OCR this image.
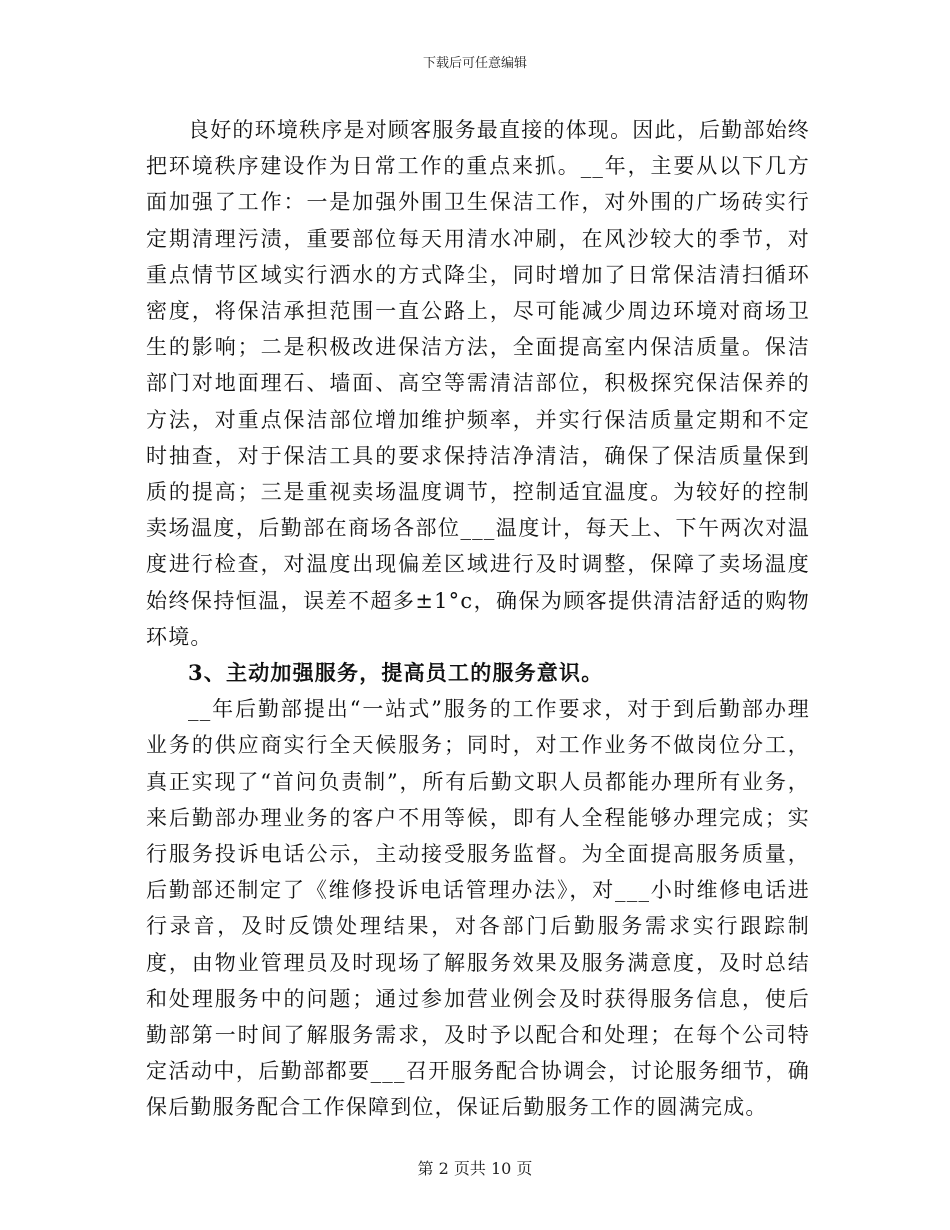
下载后可任意编辑

良好的环境秩序是对顾客服务最直接的体现。因此，后勤部始终把环境秩序建设作为日常工作的重点来抓。__年，主要从以下几方面加强了工作：一是加强外围卫生保洁工作，对外围的广场砖实行定期清理污渍，重要部位每天用清水冲刷，在风沙较大的季节，对重点情节区域实行洒水的方式降尘，同时增加了日常保洁清扫循环密度，将保洁承担范围一直公路上，尽可能减少周边环境对商场卫生的影响；二是积极改进保洁方法，全面提高室内保洁质量。保洁部门对地面理石、墙面、高空等需清洁部位，积极探究保洁保养的方法，对重点保洁部位增加维护频率，并实行保洁质量定期和不定时抽查，对于保洁工具的要求保持洁净清洁，确保了保洁质量保到质的提高；三是重视卖场温度调节，控制适宜温度。为较好的控制卖场温度，后勤部在商场各部位___温度计，每天上、下午两次对温度进行检查，对温度出现偏差区域进行及时调整，保障了卖场温度始终保持恒温，误差不超多±1°c，确保为顾客提供清洁舒适的购物环境。

3、主动加强服务，提高员工的服务意识。

__年后勤部提出“一站式”服务的工作要求，对于到后勤部办理业务的供应商实行全天候服务；同时，对工作业务不做岗位分工，真正实现了“首问负责制”，所有后勤文职人员都能办理所有业务，来后勤部办理业务的客户不用等候，即有人全程能够办理完成；实行服务投诉电话公示，主动接受服务监督。为全面提高服务质量，后勤部还制定了《维修投诉电话管理办法》，对___小时维修电话进行录音，及时反馈处理结果，对各部门后勤服务需求实行跟踪制度，由物业管理员及时现场了解服务效果及服务满意度，及时总结和处理服务中的问题；通过参加营业例会及时获得服务信息，使后勤部第一时间了解服务需求，及时予以配合和处理；在每个公司特定活动中，后勤部都要___召开服务配合协调会，讨论服务细节，确保后勤服务配合工作保障到位，保证后勤服务工作的圆满完成。

第 2 页共 10 页
